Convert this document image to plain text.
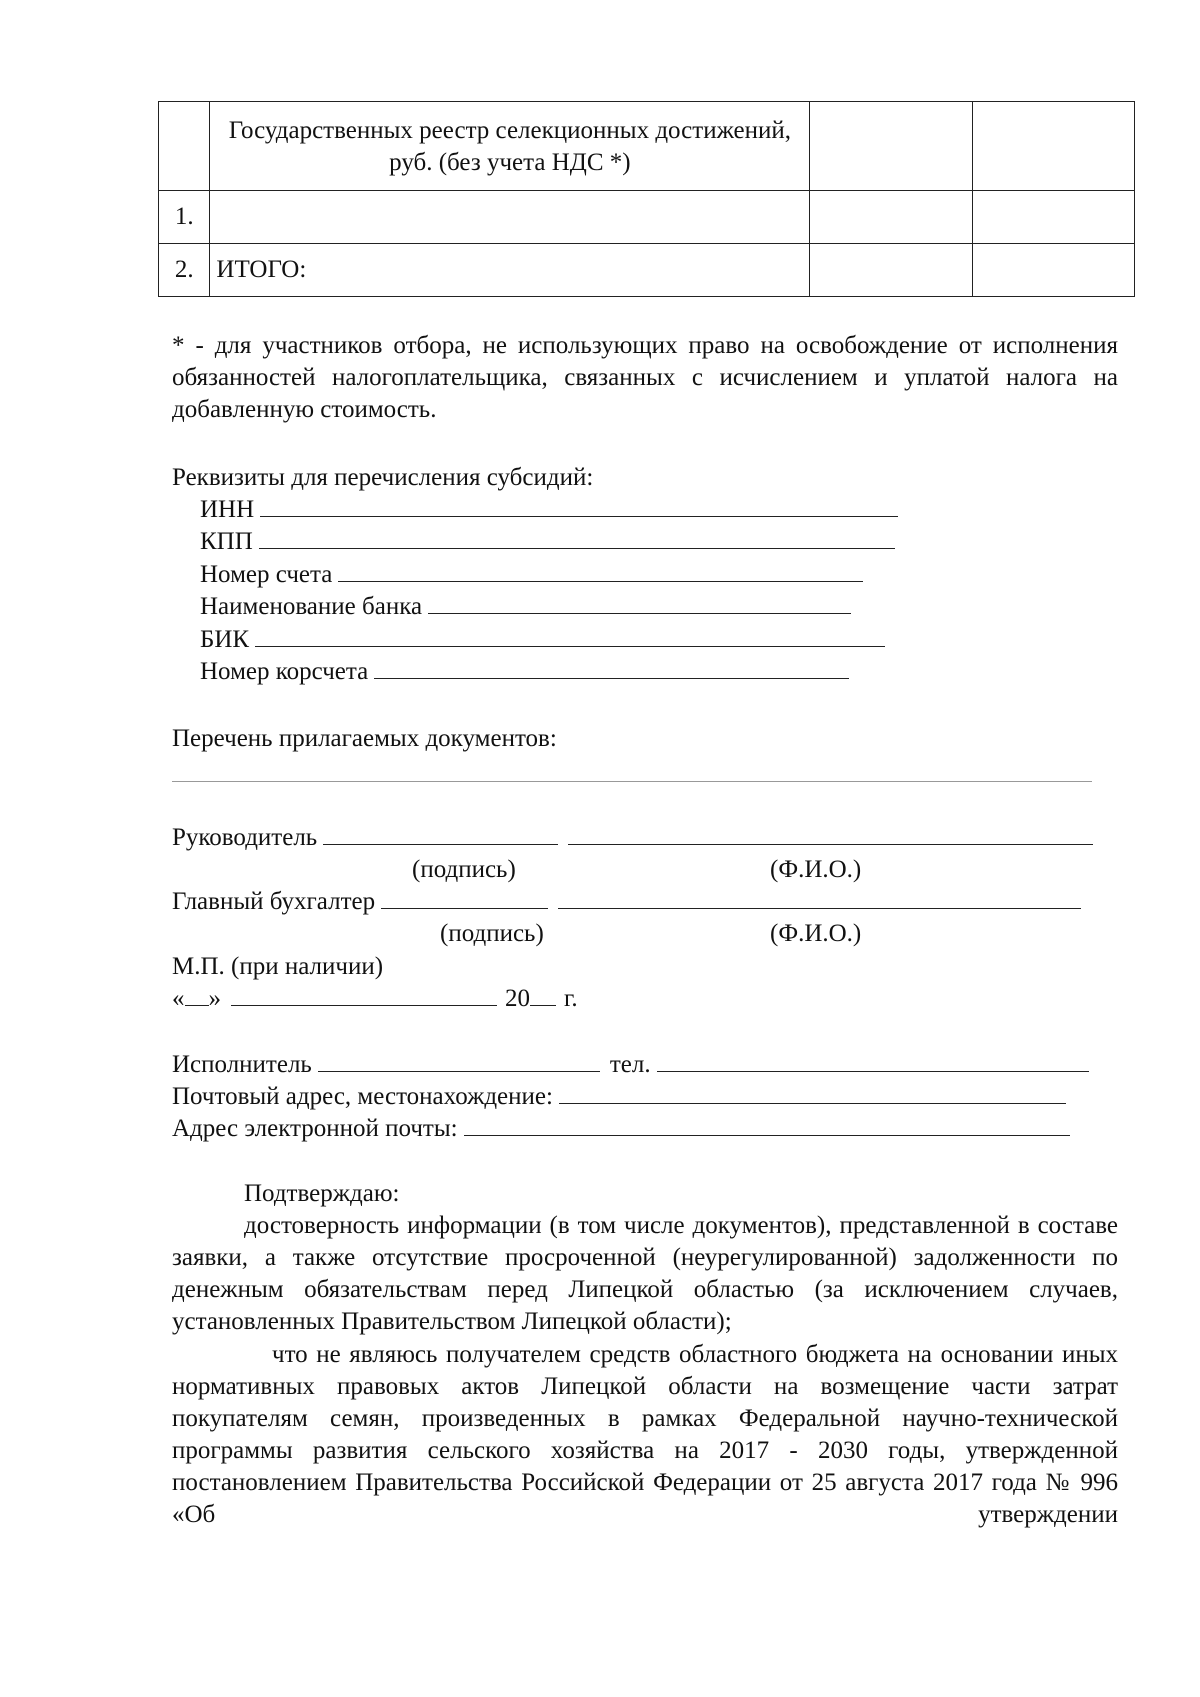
	Государственных реестр селекционных достижений, руб. (без учета НДС *)		
1.			
2.	ИТОГО:		
* - для участников отбора, не использующих право на освобождение от исполнения обязанностей налогоплательщика, связанных с исчислением и уплатой налога на добавленную стоимость.
Реквизиты для перечисления субсидий:
ИНН
КПП
Номер счета
Наименование банка
БИК
Номер корсчета
Перечень прилагаемых документов:
Руководитель
(подпись)	(Ф.И.О.)
Главный бухгалтер
(подпись)	(Ф.И.О.)
М.П. (при наличии)
« »	20 г.
Исполнитель	тел.
Почтовый адрес, местонахождение:
Адрес электронной почты:
Подтверждаю:
достоверность информации (в том числе документов), представленной в составе заявки, а также отсутствие просроченной (неурегулированной) задолженности по денежным обязательствам перед Липецкой областью (за исключением случаев, установленных Правительством Липецкой области);
что не являюсь получателем средств областного бюджета на основании иных нормативных правовых актов Липецкой области на возмещение части затрат покупателям семян, произведенных в рамках Федеральной научно-технической программы развития сельского хозяйства на 2017 - 2030 годы, утвержденной постановлением Правительства Российской Федерации от 25 августа 2017 года № 996 «Об утверждении
